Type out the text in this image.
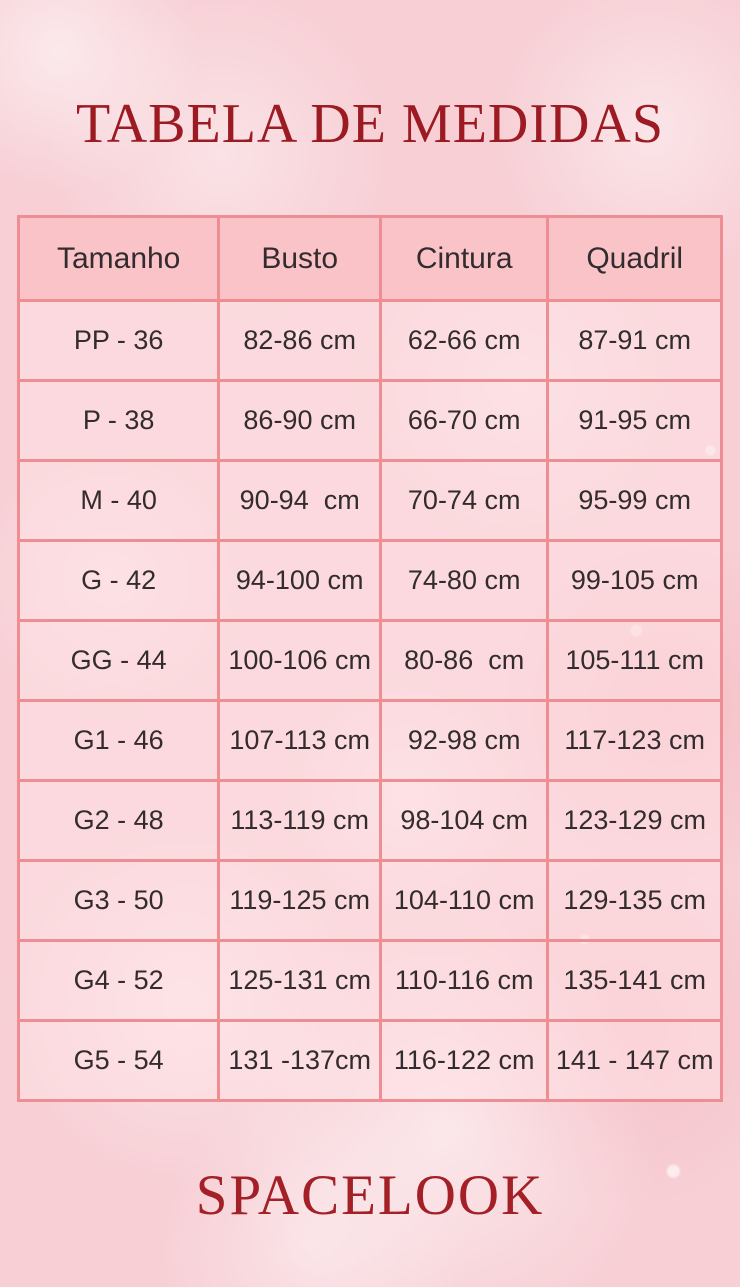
TABELA DE MEDIDAS
Tamanho	Busto	Cintura	Quadril
PP - 36	82-86 cm	62-66 cm	87-91 cm
P - 38	86-90 cm	66-70 cm	91-95 cm
M - 40	90-94  cm	70-74 cm	95-99 cm
G - 42	94-100 cm	74-80 cm	99-105 cm
GG - 44	100-106 cm	80-86  cm	105-111 cm
G1 - 46	107-113 cm	92-98 cm	117-123 cm
G2 - 48	113-119 cm	98-104 cm	123-129 cm
G3 - 50	119-125 cm	104-110 cm	129-135 cm
G4 - 52	125-131 cm	110-116 cm	135-141 cm
G5 - 54	131 -137cm	116-122 cm	141 - 147 cm
SPACELOOK
